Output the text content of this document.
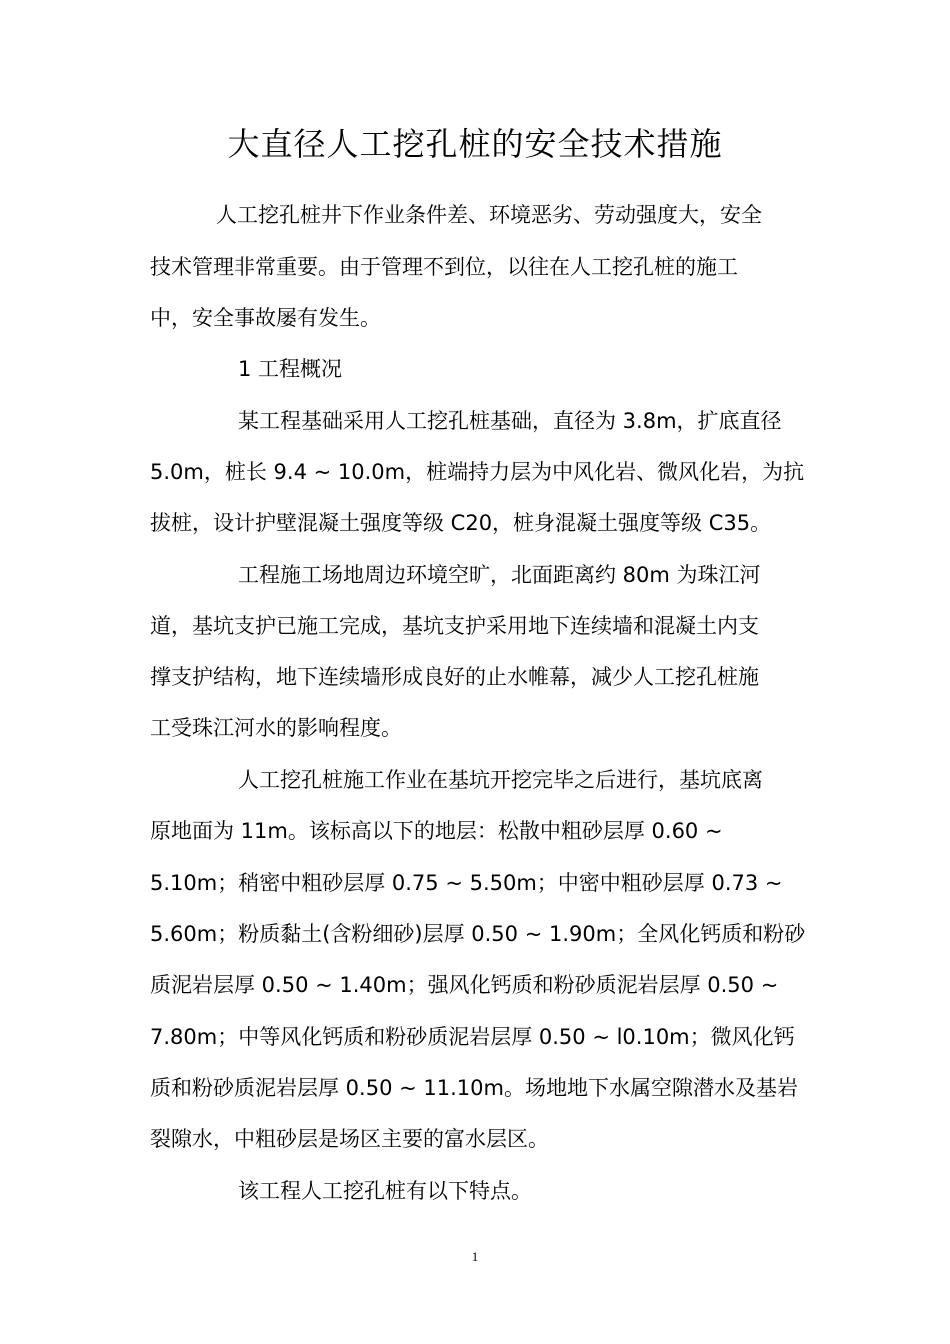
大直径人工挖孔桩的安全技术措施

人工挖孔桩井下作业条件差、环境恶劣、劳动强度大，安全

技术管理非常重要。由于管理不到位，以往在人工挖孔桩的施工

中，安全事故屡有发生。

1 工程概况

某工程基础采用人工挖孔桩基础，直径为 3.8m，扩底直径

5.0m，桩长 9.4 ~ 10.0m，桩端持力层为中风化岩、微风化岩，为抗

拔桩，设计护壁混凝土强度等级 C20，桩身混凝土强度等级 C35。

工程施工场地周边环境空旷，北面距离约 80m 为珠江河

道，基坑支护已施工完成，基坑支护采用地下连续墙和混凝土内支

撑支护结构，地下连续墙形成良好的止水帷幕，减少人工挖孔桩施

工受珠江河水的影响程度。

人工挖孔桩施工作业在基坑开挖完毕之后进行，基坑底离

原地面为 11m。该标高以下的地层：松散中粗砂层厚 0.60 ~

5.10m；稍密中粗砂层厚 0.75 ~ 5.50m；中密中粗砂层厚 0.73 ~

5.60m；粉质黏土(含粉细砂)层厚 0.50 ~ 1.90m；全风化钙质和粉砂

质泥岩层厚 0.50 ~ 1.40m；强风化钙质和粉砂质泥岩层厚 0.50 ~

7.80m；中等风化钙质和粉砂质泥岩层厚 0.50 ~ l0.10m；微风化钙

质和粉砂质泥岩层厚 0.50 ~ 11.10m。场地地下水属空隙潜水及基岩

裂隙水，中粗砂层是场区主要的富水层区。

该工程人工挖孔桩有以下特点。

1
